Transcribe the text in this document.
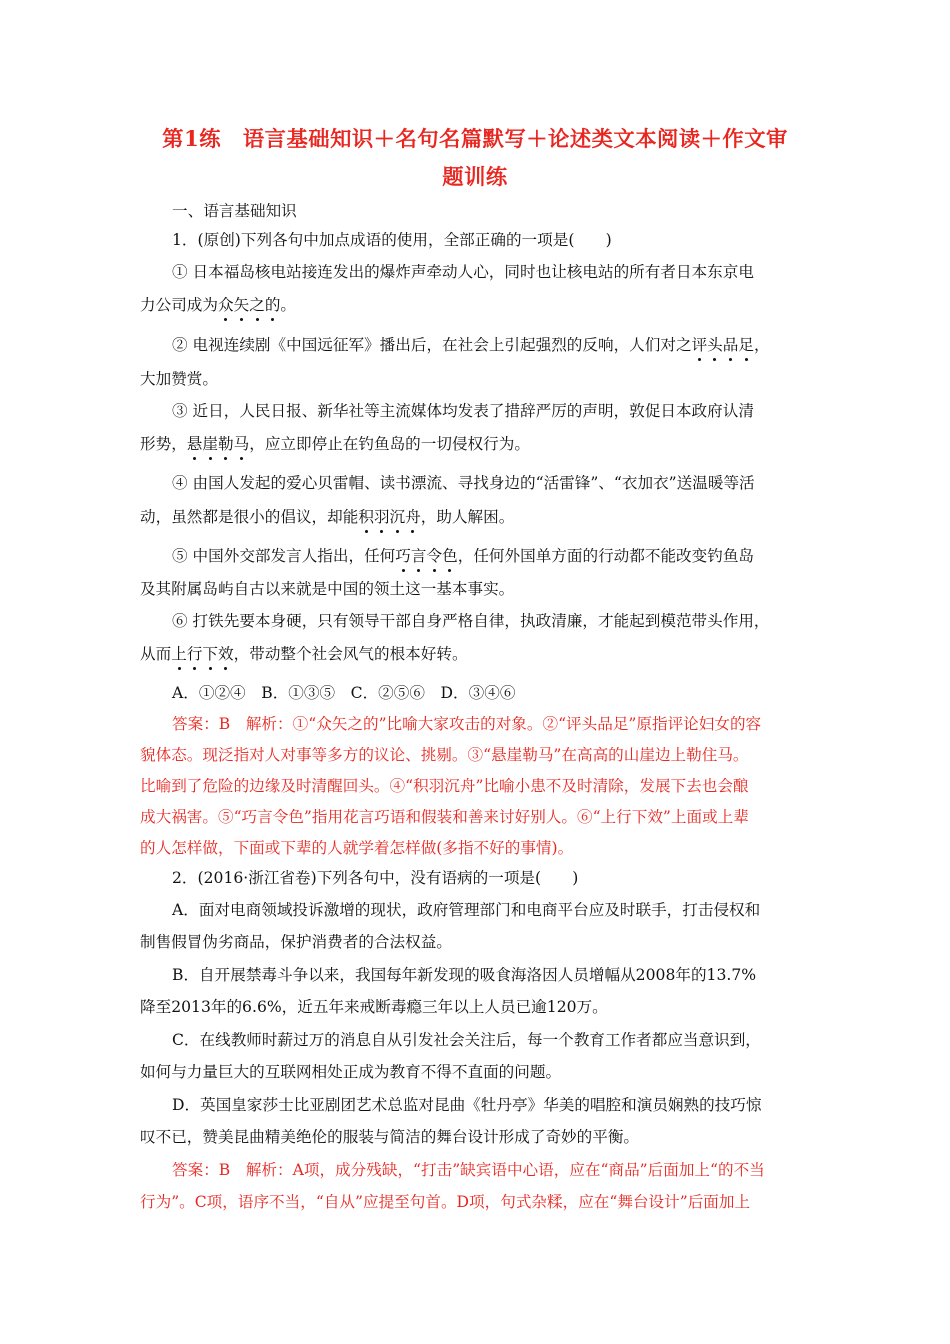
第1练　语言基础知识＋名句名篇默写＋论述类文本阅读＋作文审
题训练
一、语言基础知识
1．(原创)下列各句中加点成语的使用，全部正确的一项是(　　)
① 日本福岛核电站接连发出的爆炸声牵动人心，同时也让核电站的所有者日本东京电
力公司成为众矢之的。
② 电视连续剧《中国远征军》播出后，在社会上引起强烈的反响，人们对之评头品足，
大加赞赏。
③ 近日，人民日报、新华社等主流媒体均发表了措辞严厉的声明，敦促日本政府认清
形势，悬崖勒马，应立即停止在钓鱼岛的一切侵权行为。
④ 由国人发起的爱心贝雷帽、读书漂流、寻找身边的“活雷锋”、“衣加衣”送温暖等活
动，虽然都是很小的倡议，却能积羽沉舟，助人解困。
⑤ 中国外交部发言人指出，任何巧言令色，任何外国单方面的行动都不能改变钓鱼岛
及其附属岛屿自古以来就是中国的领土这一基本事实。
⑥ 打铁先要本身硬，只有领导干部自身严格自律，执政清廉，才能起到模范带头作用，
从而上行下效，带动整个社会风气的根本好转。
A．①②④　B．①③⑤　C．②⑤⑥　D．③④⑥
答案：B　解析：①“众矢之的”比喻大家攻击的对象。②“评头品足”原指评论妇女的容
貌体态。现泛指对人对事等多方的议论、挑剔。③“悬崖勒马”在高高的山崖边上勒住马。
比喻到了危险的边缘及时清醒回头。④“积羽沉舟”比喻小患不及时清除，发展下去也会酿
成大祸害。⑤“巧言令色”指用花言巧语和假装和善来讨好别人。⑥“上行下效”上面或上辈
的人怎样做，下面或下辈的人就学着怎样做(多指不好的事情)。
2．(2016·浙江省卷)下列各句中，没有语病的一项是(　　)
A．面对电商领域投诉激增的现状，政府管理部门和电商平台应及时联手，打击侵权和
制售假冒伪劣商品，保护消费者的合法权益。
B．自开展禁毒斗争以来，我国每年新发现的吸食海洛因人员增幅从2008年的13.7%
降至2013年的6.6%，近五年来戒断毒瘾三年以上人员已逾120万。
C．在线教师时薪过万的消息自从引发社会关注后，每一个教育工作者都应当意识到，
如何与力量巨大的互联网相处正成为教育不得不直面的问题。
D．英国皇家莎士比亚剧团艺术总监对昆曲《牡丹亭》华美的唱腔和演员娴熟的技巧惊
叹不已，赞美昆曲精美绝伦的服装与简洁的舞台设计形成了奇妙的平衡。
答案：B　解析：A项，成分残缺，“打击”缺宾语中心语，应在“商品”后面加上“的不当
行为”。C项，语序不当，“自从”应提至句首。D项，句式杂糅，应在“舞台设计”后面加上
